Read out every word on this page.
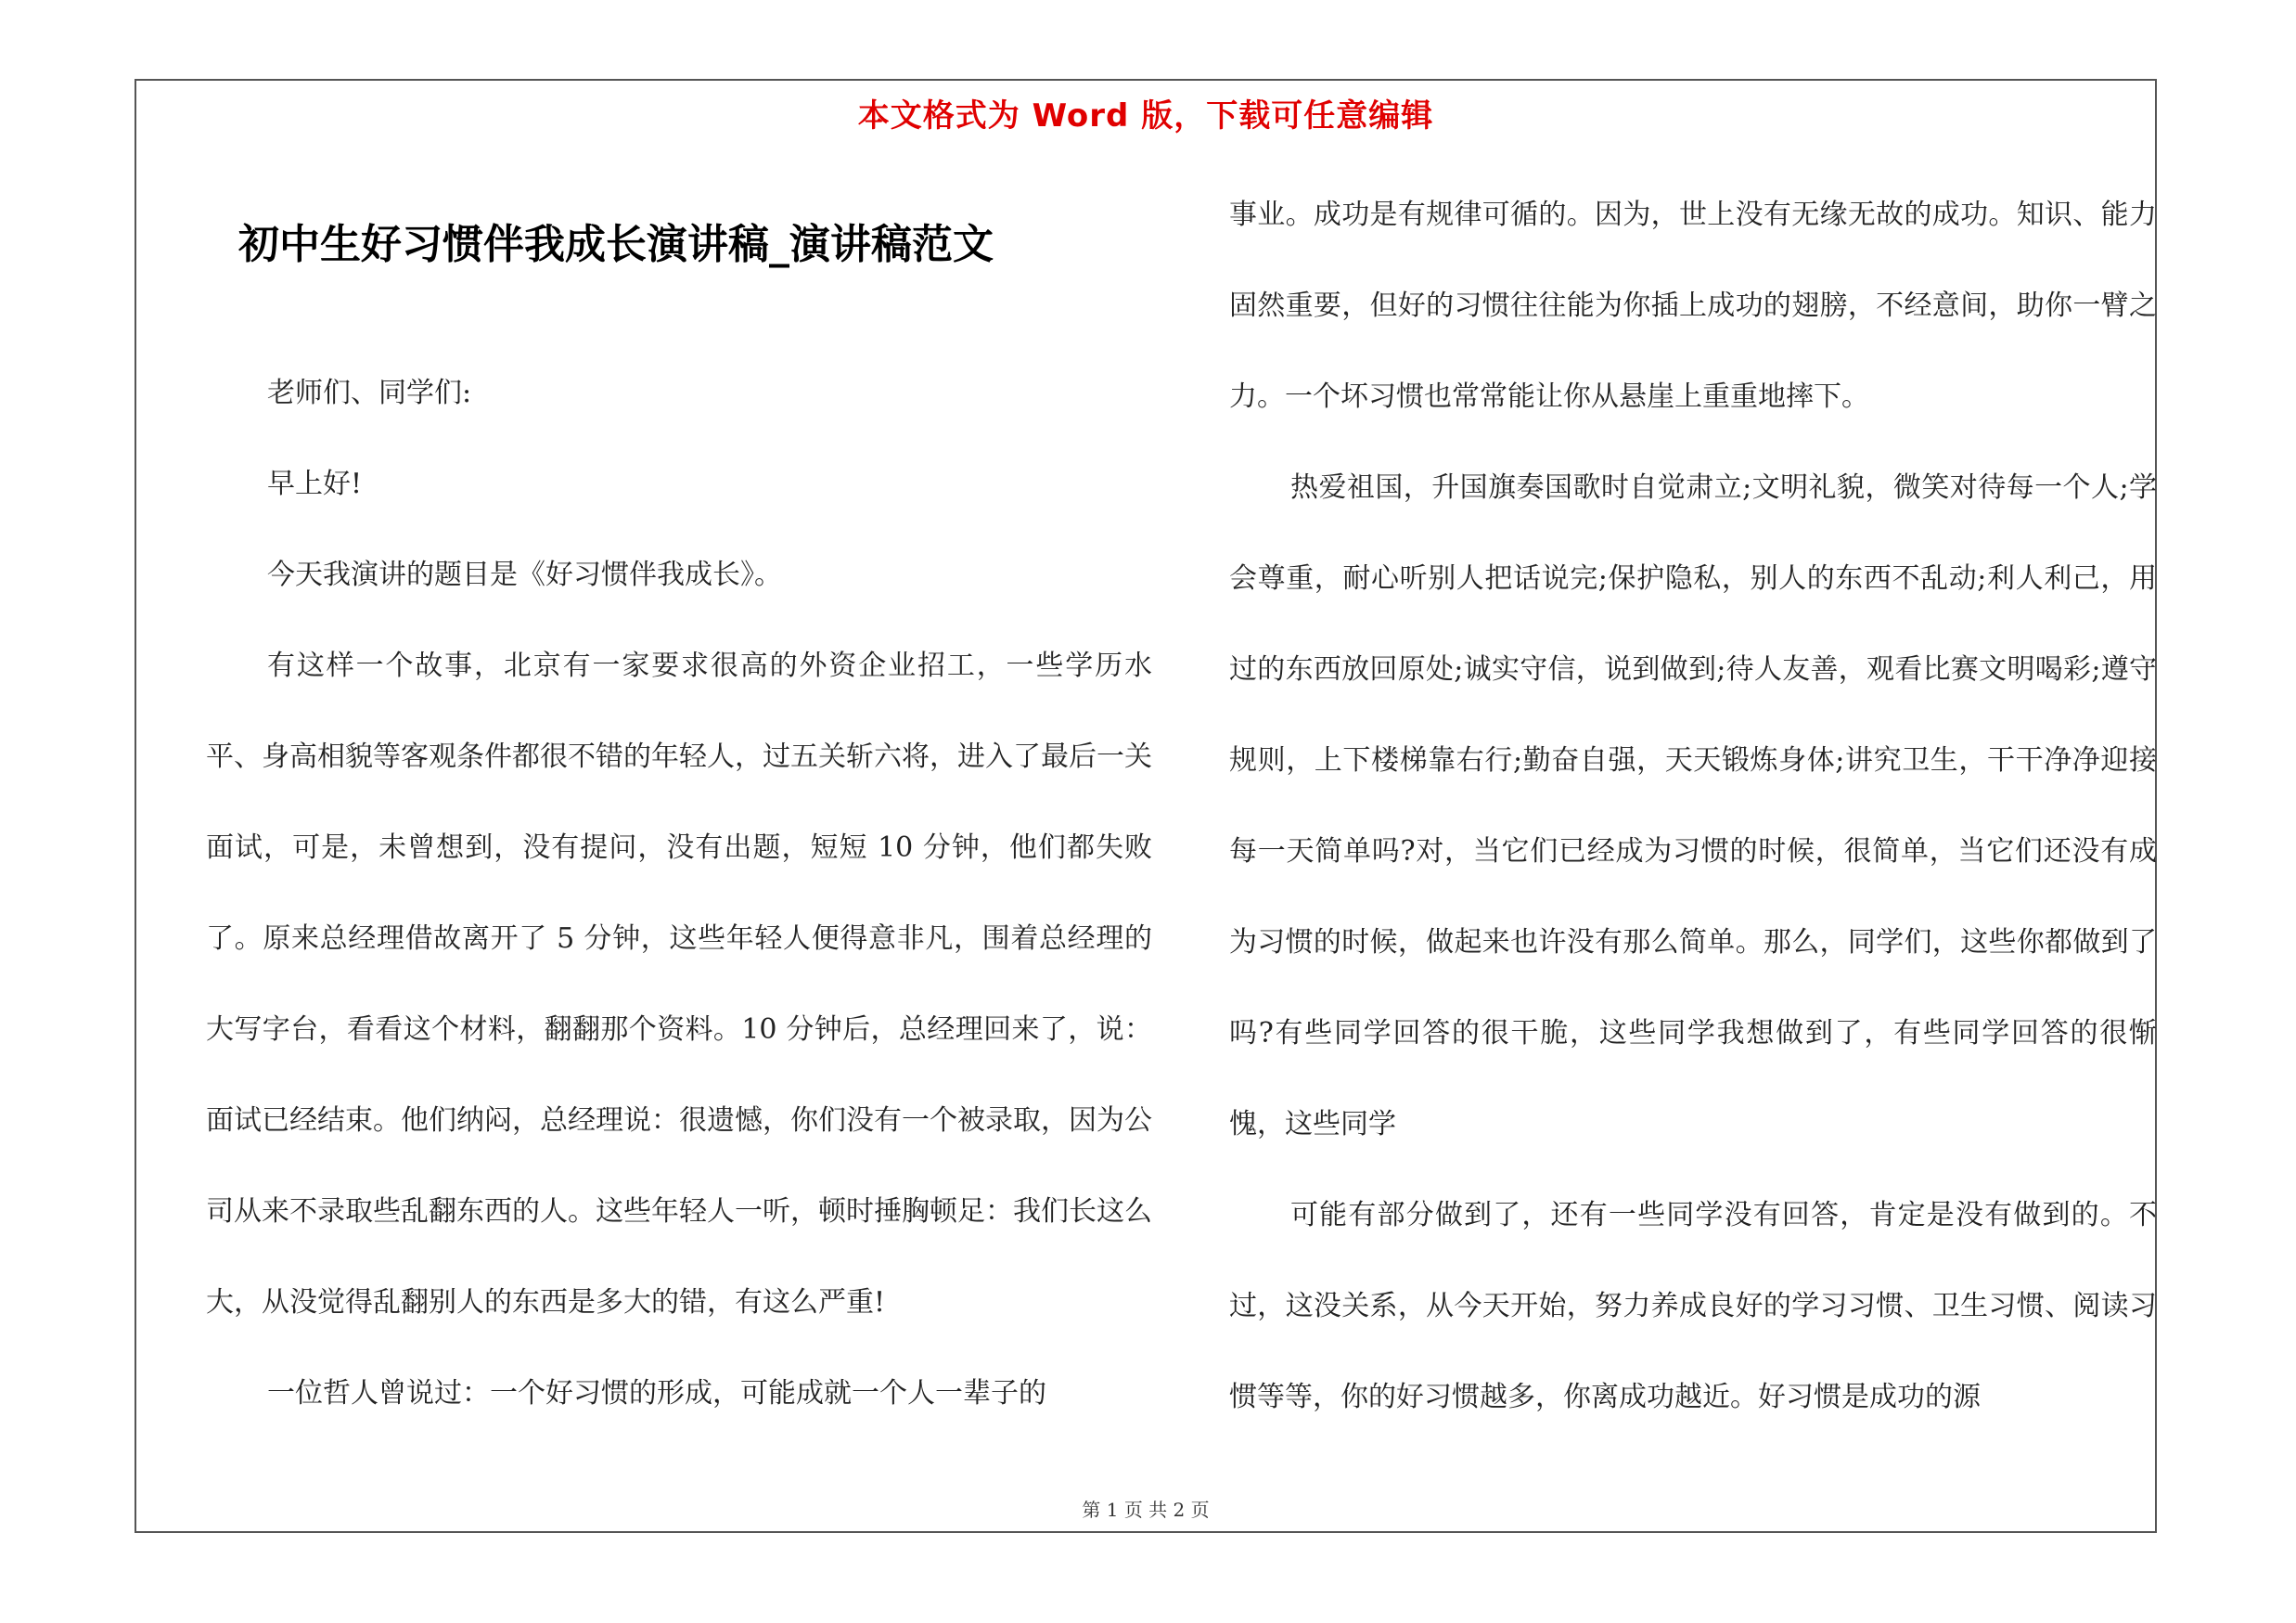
本文格式为 Word 版，下载可任意编辑
初中生好习惯伴我成长演讲稿_演讲稿范文

老师们、同学们:

早上好!

今天我演讲的题目是《好习惯伴我成长》。

有这样一个故事，北京有一家要求很高的外资企业招工，一些学历水平、身高相貌等客观条件都很不错的年轻人，过五关斩六将，进入了最后一关面试，可是，未曾想到，没有提问，没有出题，短短 10 分钟，他们都失败了。原来总经理借故离开了 5 分钟，这些年轻人便得意非凡，围着总经理的大写字台，看看这个材料，翻翻那个资料。10 分钟后，总经理回来了，说：面试已经结束。他们纳闷，总经理说：很遗憾，你们没有一个被录取，因为公司从来不录取些乱翻东西的人。这些年轻人一听，顿时捶胸顿足：我们长这么大，从没觉得乱翻别人的东西是多大的错，有这么严重!

一位哲人曾说过：一个好习惯的形成，可能成就一个人一辈子的

事业。成功是有规律可循的。因为，世上没有无缘无故的成功。知识、能力固然重要，但好的习惯往往能为你插上成功的翅膀，不经意间，助你一臂之力。一个坏习惯也常常能让你从悬崖上重重地摔下。

热爱祖国，升国旗奏国歌时自觉肃立;文明礼貌，微笑对待每一个人;学会尊重，耐心听别人把话说完;保护隐私，别人的东西不乱动;利人利己，用过的东西放回原处;诚实守信，说到做到;待人友善，观看比赛文明喝彩;遵守规则，上下楼梯靠右行;勤奋自强，天天锻炼身体;讲究卫生，干干净净迎接每一天简单吗?对，当它们已经成为习惯的时候，很简单，当它们还没有成为习惯的时候，做起来也许没有那么简单。那么，同学们，这些你都做到了吗?有些同学回答的很干脆，这些同学我想做到了，有些同学回答的很惭愧，这些同学

可能有部分做到了，还有一些同学没有回答，肯定是没有做到的。不过，这没关系，从今天开始，努力养成良好的学习习惯、卫生习惯、阅读习惯等等，你的好习惯越多，你离成功越近。好习惯是成功的源

第 1 页 共 2 页
